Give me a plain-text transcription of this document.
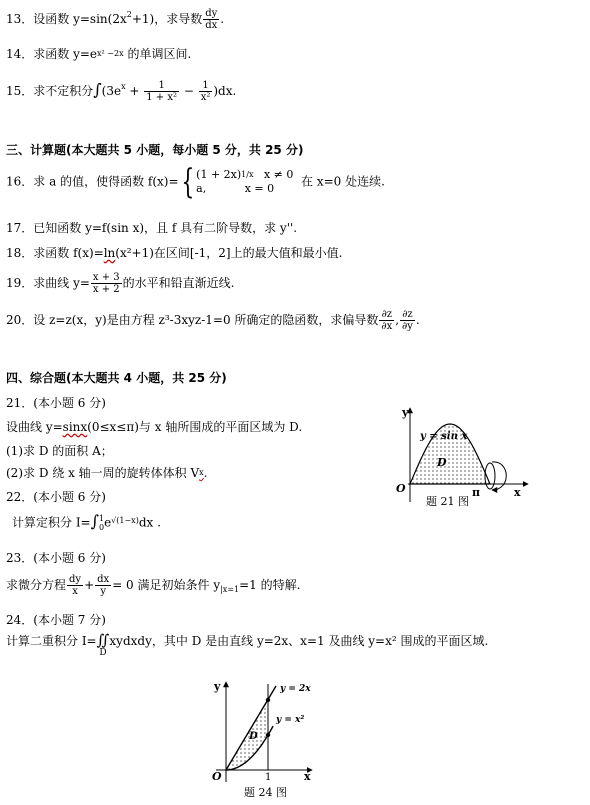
13．设函数 $y=\sin(2x^2+1)$，求导数 $\frac{dy}{dx}$ .
14．求函数 $y=e^{x^2 -2x}$ 的单调区间.
15．求不定积分$\int(3e^x + \frac{1}{\text{1 + x²}} - \frac{1}{\text{x²}} )dx$.
三、计算题(本大题共 5 小题，每小题 5 分，共 25 分)
16．求 a 的值，使得函数 f(x)={ $(1 + 2x)^{1/x}$ x ≠ 0
a,	x = 0	在 x=0 处连续.
17．已知函数 y=f(sin x)，且 f 具有二阶导数，求 y''.
18．求函数 f(x)=ln(x²+1)在区间[-1，2]上的最大值和最小值.
19．求曲线 $y= \frac{x + 3}{x + 2}$ 的水平和铅直渐近线.
20．设 z=z(x，y)是由方程 z³-3xyz-1=0 所确定的隐函数，求偏导数 $\frac{\partial z}{\partial x}$ , $\frac{\partial z}{\partial y}$ .
四、综合题(本大题共 4 小题，共 25 分)
21．(本小题 6 分)
设曲线 y=sinx(0≤x≤π)与 x 轴所围成的平面区域为 D.
(1)求 D 的面积 A；
(2)求 D 绕 x 轴一周的旋转体体积 Vx.
22．(本小题 6 分)
计算定积分 I=∫ 1
0 $e^{√(1-x)}dx$ .
23．(本小题 6 分)
求微分方程 $\frac{dy}{x} + \frac{dx}{y} = 0$ 满足初始条件 y|x=1=1 的特解.
24．(本小题 7 分)
计算二重积分 I= ∬
D
xydxdy，其中 D 是由直线 y=2x、x=1 及曲线 y=x² 围成的平面区域.
y
y = sin x
D
O	π	x
题 21 图
y	y = 2x
y = x²
D
O	1	x
题 24 图
